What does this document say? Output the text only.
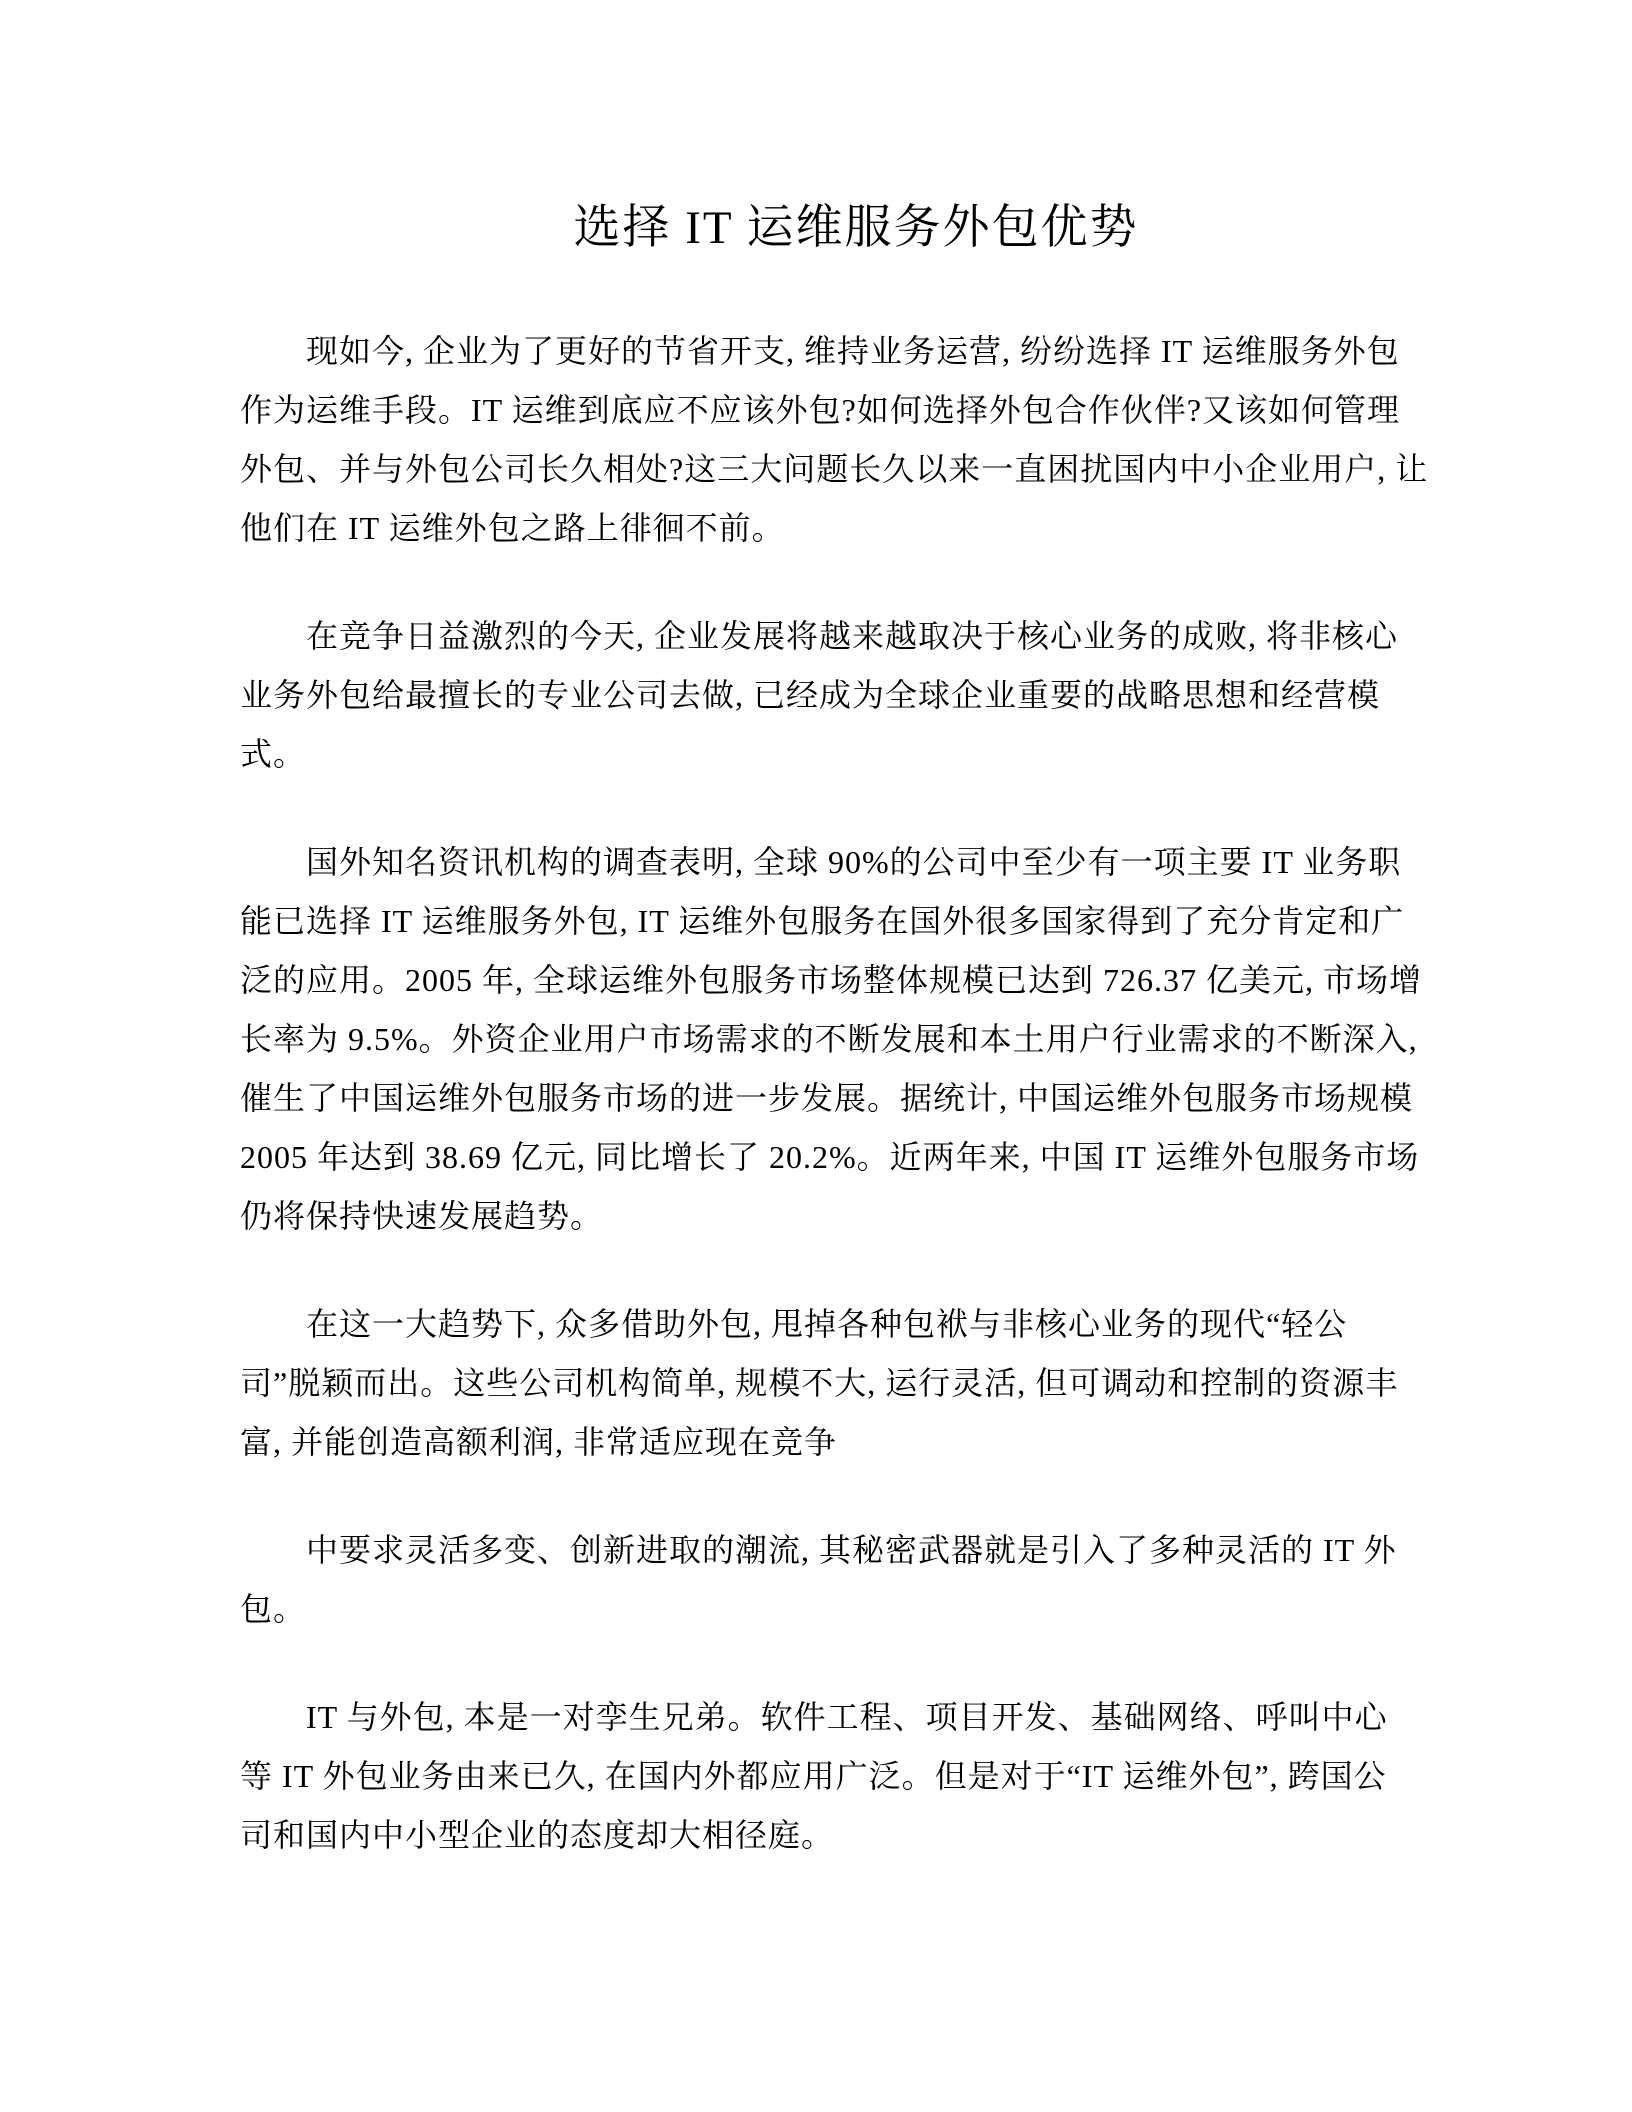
选择 IT 运维服务外包优势
现如今, 企业为了更好的节省开支, 维持业务运营, 纷纷选择 IT 运维服务外包
作为运维手段。IT 运维到底应不应该外包?如何选择外包合作伙伴?又该如何管理
外包、并与外包公司长久相处?这三大问题长久以来一直困扰国内中小企业用户, 让
他们在 IT 运维外包之路上徘徊不前。
在竞争日益激烈的今天, 企业发展将越来越取决于核心业务的成败, 将非核心
业务外包给最擅长的专业公司去做, 已经成为全球企业重要的战略思想和经营模
式。
国外知名资讯机构的调查表明, 全球 90%的公司中至少有一项主要 IT 业务职
能已选择 IT 运维服务外包, IT 运维外包服务在国外很多国家得到了充分肯定和广
泛的应用。2005 年, 全球运维外包服务市场整体规模已达到 726.37 亿美元, 市场增
长率为 9.5%。外资企业用户市场需求的不断发展和本土用户行业需求的不断深入,
催生了中国运维外包服务市场的进一步发展。据统计, 中国运维外包服务市场规模
2005 年达到 38.69 亿元, 同比增长了 20.2%。近两年来, 中国 IT 运维外包服务市场
仍将保持快速发展趋势。
在这一大趋势下, 众多借助外包, 甩掉各种包袱与非核心业务的现代“轻公
司”脱颖而出。这些公司机构简单, 规模不大, 运行灵活, 但可调动和控制的资源丰
富, 并能创造高额利润, 非常适应现在竞争
中要求灵活多变、创新进取的潮流, 其秘密武器就是引入了多种灵活的 IT 外
包。
IT 与外包, 本是一对孪生兄弟。软件工程、项目开发、基础网络、呼叫中心
等 IT 外包业务由来已久, 在国内外都应用广泛。但是对于“IT 运维外包”, 跨国公
司和国内中小型企业的态度却大相径庭。
